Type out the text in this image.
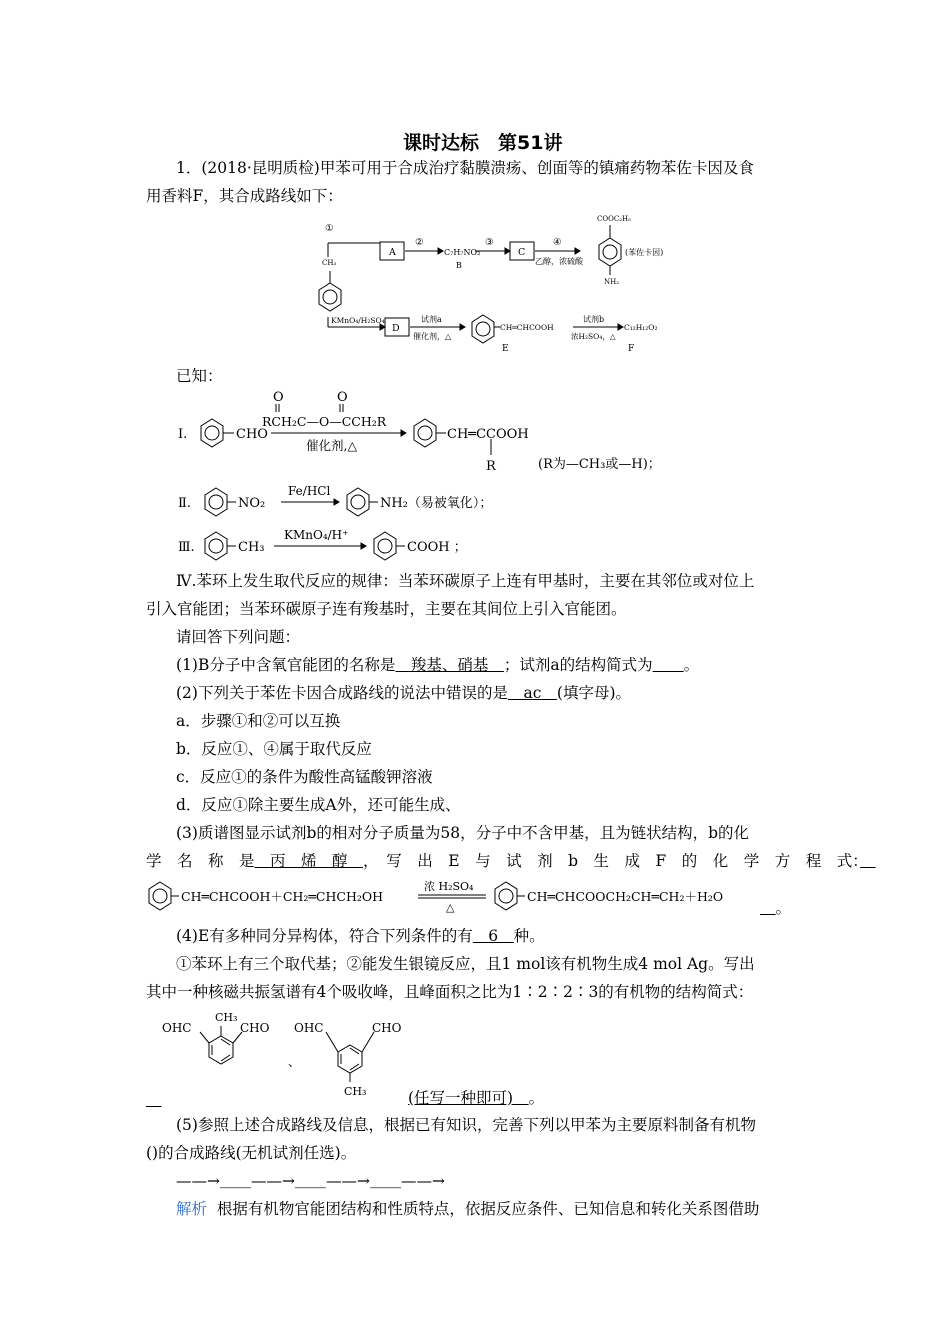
课时达标　第51讲
1．(2018·昆明质检)甲苯可用于合成治疗黏膜溃疡、创面等的镇痛药物苯佐卡因及食
用香料F，其合成路线如下：
①
A
②
C₇H₇NO₂
B
③
C
④
乙醇，浓硫酸
COOC₂H₅
(苯佐卡因)
NH₂
CH₃
KMnO₄/H₂SO₄
D
试剂a
催化剂，△
CH═CHCOOH
E
试剂b
浓H₂SO₄，△
C₁₂H₁₂O₂
F
已知：
Ⅰ.	CHO
O	O
RCH₂C—O—CCH₂R
催化剂,△
CH═CCOOH
R	(R为—CH₃或—H)；
Ⅱ.	NO₂
Fe/HCl
NH₂（易被氧化）；
Ⅲ.	CH₃
KMnO₄/H⁺
COOH ；
Ⅳ.苯环上发生取代反应的规律：当苯环碳原子上连有甲基时，主要在其邻位或对位上
引入官能团；当苯环碳原子连有羧基时，主要在其间位上引入官能团。
请回答下列问题：
(1)B分子中含氧官能团的名称是　羧基、硝基　；试剂a的结构简式为　　 。
(2)下列关于苯佐卡因合成路线的说法中错误的是　ac　(填字母)。
a．步骤①和②可以互换
b．反应①、④属于取代反应
c．反应①的条件为酸性高锰酸钾溶液
d．反应①除主要生成A外，还可能生成、
(3)质谱图显示试剂b的相对分子质量为58，分子中不含甲基，且为链状结构，b的化
学　名　称　是　丙　烯　醇　，　写　出　E　与　试　剂　b　生　成　F　的　化　学　方　程　式：　
CH═CHCOOH＋CH₂═CHCH₂OH
浓 H₂SO₄
△
CH═CHCOOCH₂CH═CH₂＋H₂O
　。
(4)E有多种同分异构体，符合下列条件的有　6　种。
①苯环上有三个取代基；②能发生银镜反应，且1 mol该有机物生成4 mol Ag。写出
其中一种核磁共振氢谱有4个吸收峰，且峰面积之比为1∶2∶2∶3的有机物的结构简式：
OHC
CH₃
CHO
、
OHC	CHO
CH₃
　	(任写一种即可)　 。
(5)参照上述合成路线及信息，根据已有知识，完善下列以甲苯为主要原料制备有机物
()的合成路线(无机试剂任选)。
——→＿＿——→＿＿——→＿＿——→
解析 根据有机物官能团结构和性质特点，依据反应条件、已知信息和转化关系图借助
